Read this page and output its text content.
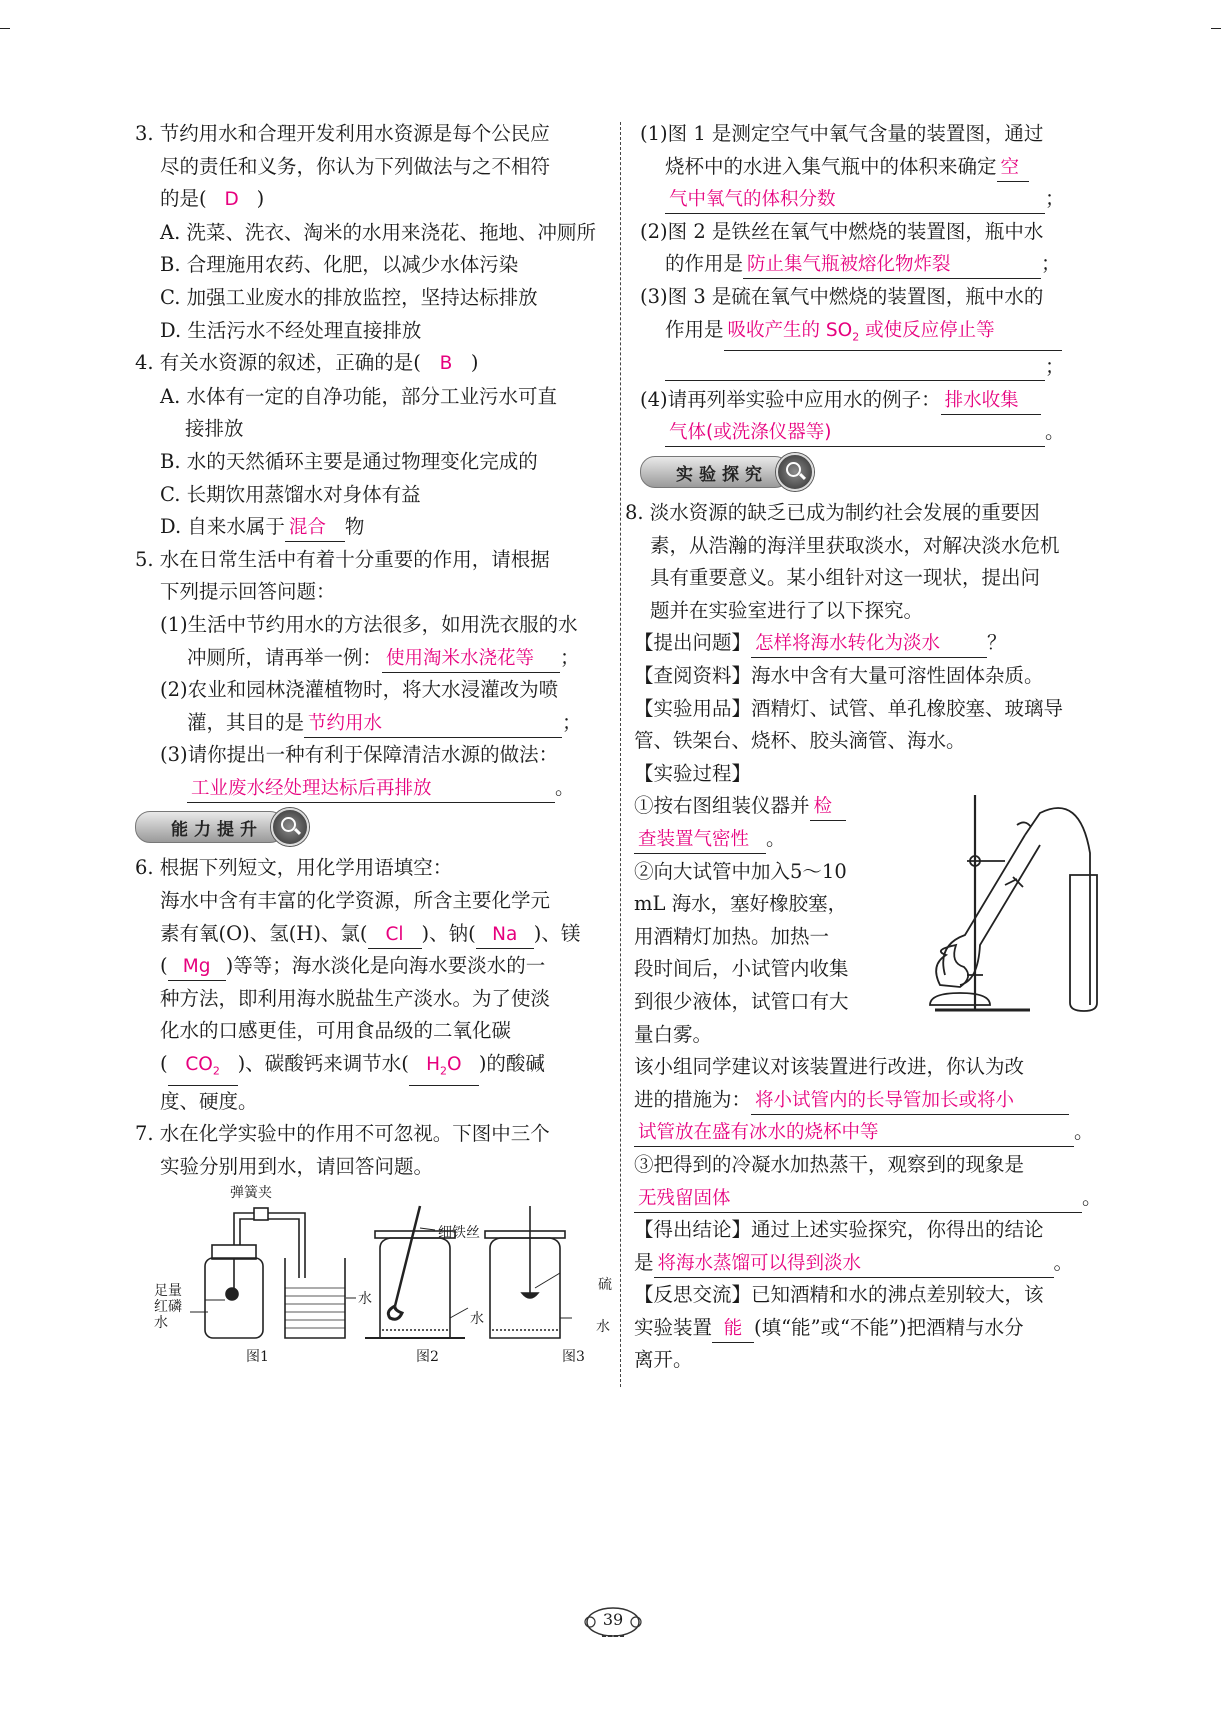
3. 节约用水和合理开发利用水资源是每个公民应
尽的责任和义务，你认为下列做法与之不相符
的是( D )
A. 洗菜、洗衣、淘米的水用来浇花、拖地、冲厕所
B. 合理施用农药、化肥，以减少水体污染
C. 加强工业废水的排放监控，坚持达标排放
D. 生活污水不经处理直接排放
4. 有关水资源的叙述，正确的是( B )
A. 水体有一定的自净功能，部分工业污水可直
接排放
B. 水的天然循环主要是通过物理变化完成的
C. 长期饮用蒸馏水对身体有益
D. 自来水属于 混合 物
5. 水在日常生活中有着十分重要的作用，请根据
下列提示回答问题：
(1)生活中节约用水的方法很多，如用洗衣服的水
冲厕所，请再举一例： 使用淘米水浇花等 ；
(2)农业和园林浇灌植物时，将大水浸灌改为喷
灌，其目的是 节约用水	；
(3)请你提出一种有利于保障清洁水源的做法：
工业废水经处理达标后再排放	。
能力提升
6. 根据下列短文，用化学用语填空：
海水中含有丰富的化学资源，所含主要化学元
素有氧(O)、氢(H)、氯( Cl )、钠( Na )、镁
( Mg )等等；海水淡化是向海水要淡水的一
种方法，即利用海水脱盐生产淡水。为了使淡
化水的口感更佳，可用食品级的二氧化碳
( $CO_2$ )、碳酸钙来调节水( $H_2O$ )的酸碱
度、硬度。
7. 水在化学实验中的作用不可忽视。下图中三个
实验分别用到水，请回答问题。
弹簧夹
足量
红磷
水
水
细铁丝
水
硫
水
图1	图2	图3
(1)图 1 是测定空气中氧气含量的装置图，通过
烧杯中的水进入集气瓶中的体积来确定 空
气中氧气的体积分数	；
(2)图 2 是铁丝在氧气中燃烧的装置图，瓶中水
的作用是 防止集气瓶被熔化物炸裂	；
(3)图 3 是硫在氧气中燃烧的装置图，瓶中水的
作用是 吸收产生的 $SO_2$ 或使反应停止等
；
(4)请再列举实验中应用水的例子： 排水收集
气体(或洗涤仪器等)	。
实验探究
8. 淡水资源的缺乏已成为制约社会发展的重要因
素，从浩瀚的海洋里获取淡水，对解决淡水危机
具有重要意义。某小组针对这一现状，提出问
题并在实验室进行了以下探究。
【提出问题】 怎样将海水转化为淡水 ？
【查阅资料】海水中含有大量可溶性固体杂质。
【实验用品】酒精灯、试管、单孔橡胶塞、玻璃导
管、铁架台、烧杯、胶头滴管、海水。
【实验过程】
①按右图组装仪器并 检
查装置气密性 。
②向大试管中加入5～10
mL 海水，塞好橡胶塞，
用酒精灯加热。加热一
段时间后，小试管内收集
到很少液体，试管口有大
量白雾。
该小组同学建议对该装置进行改进，你认为改
进的措施为： 将小试管内的长导管加长或将小
试管放在盛有冰水的烧杯中等	。
③把得到的冷凝水加热蒸干，观察到的现象是
无残留固体	。
【得出结论】通过上述实验探究，你得出的结论
是 将海水蒸馏可以得到淡水	。
【反思交流】已知酒精和水的沸点差别较大，该
实验装置 能 (填“能”或“不能”)把酒精与水分
离开。
39
